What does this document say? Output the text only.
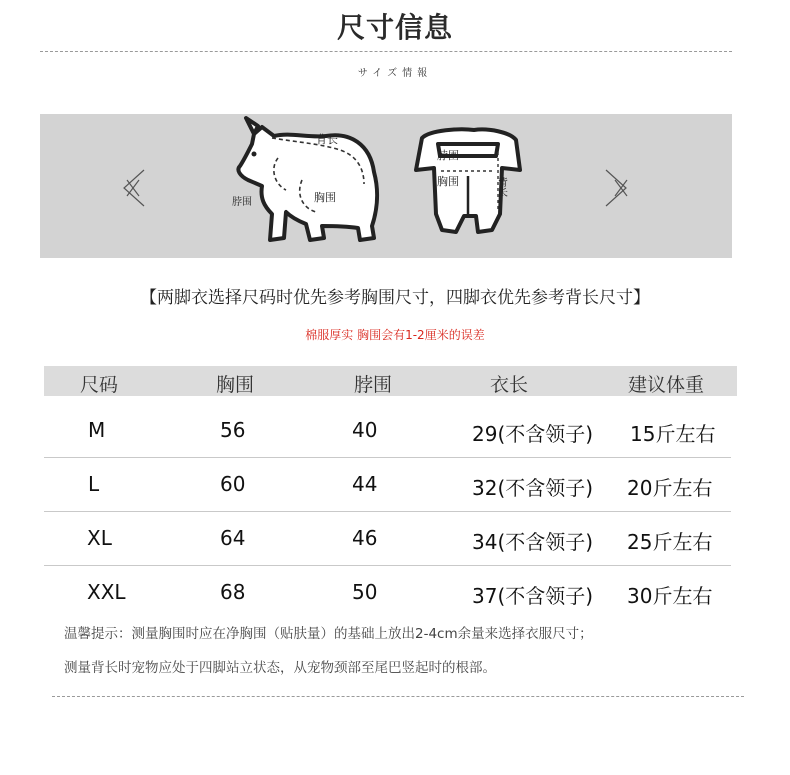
尺寸信息
サイズ情報
背长
脖围	胸围
脖围
胸围	背长
【两脚衣选择尺码时优先参考胸围尺寸，四脚衣优先参考背长尺寸】
棉服厚实 胸围会有1-2厘米的误差
尺码	胸围	脖围	衣长	建议体重
M	56	40	29(不含领子) 15斤左右
L	60	44	32(不含领子) 20斤左右
XL	64	46	34(不含领子) 25斤左右
XXL	68	50	37(不含领子) 30斤左右
温馨提示：测量胸围时应在净胸围（贴肤量）的基础上放出2-4cm余量来选择衣服尺寸；
测量背长时宠物应处于四脚站立状态，从宠物颈部至尾巴竖起时的根部。
